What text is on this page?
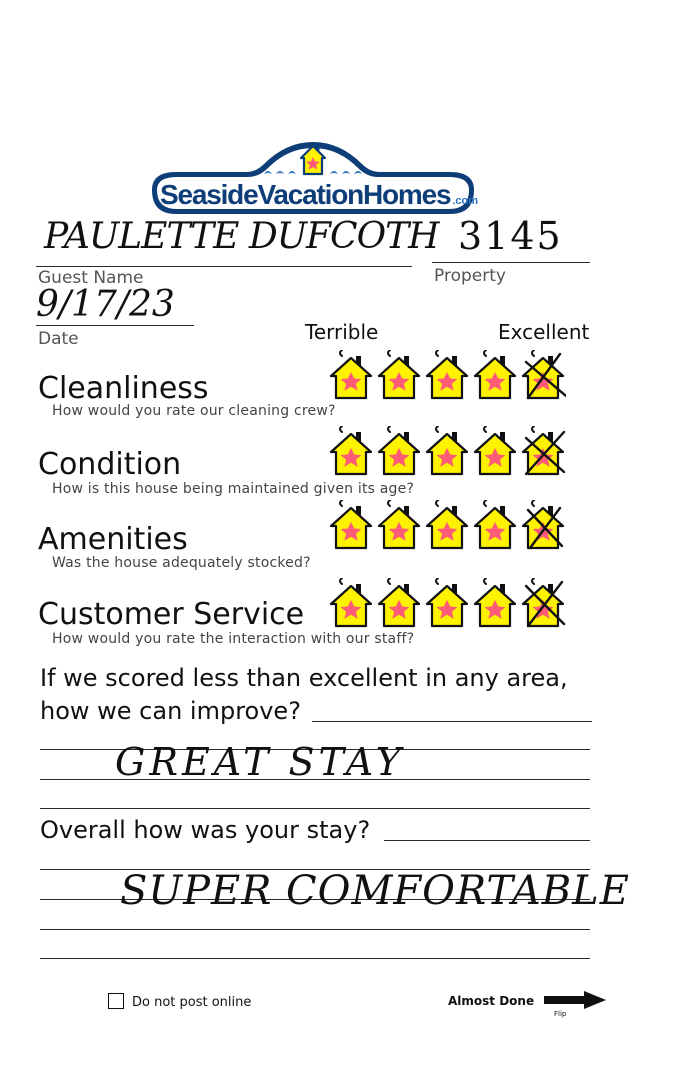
SeasideVacationHomes .com
PAULETTE DUFCOTH
Guest Name
3145
Property
9/17/23
Date	Terrible	Excellent
Cleanliness
How would you rate our cleaning crew?
Condition
How is this house being maintained given its age?
Amenities
Was the house adequately stocked?
Customer Service
How would you rate the interaction with our staff?
If we scored less than excellent in any area,
how we can improve?
GREAT STAY
Overall how was your stay?
SUPER COMFORTABLE
Do not post online	Almost Done
Flip
